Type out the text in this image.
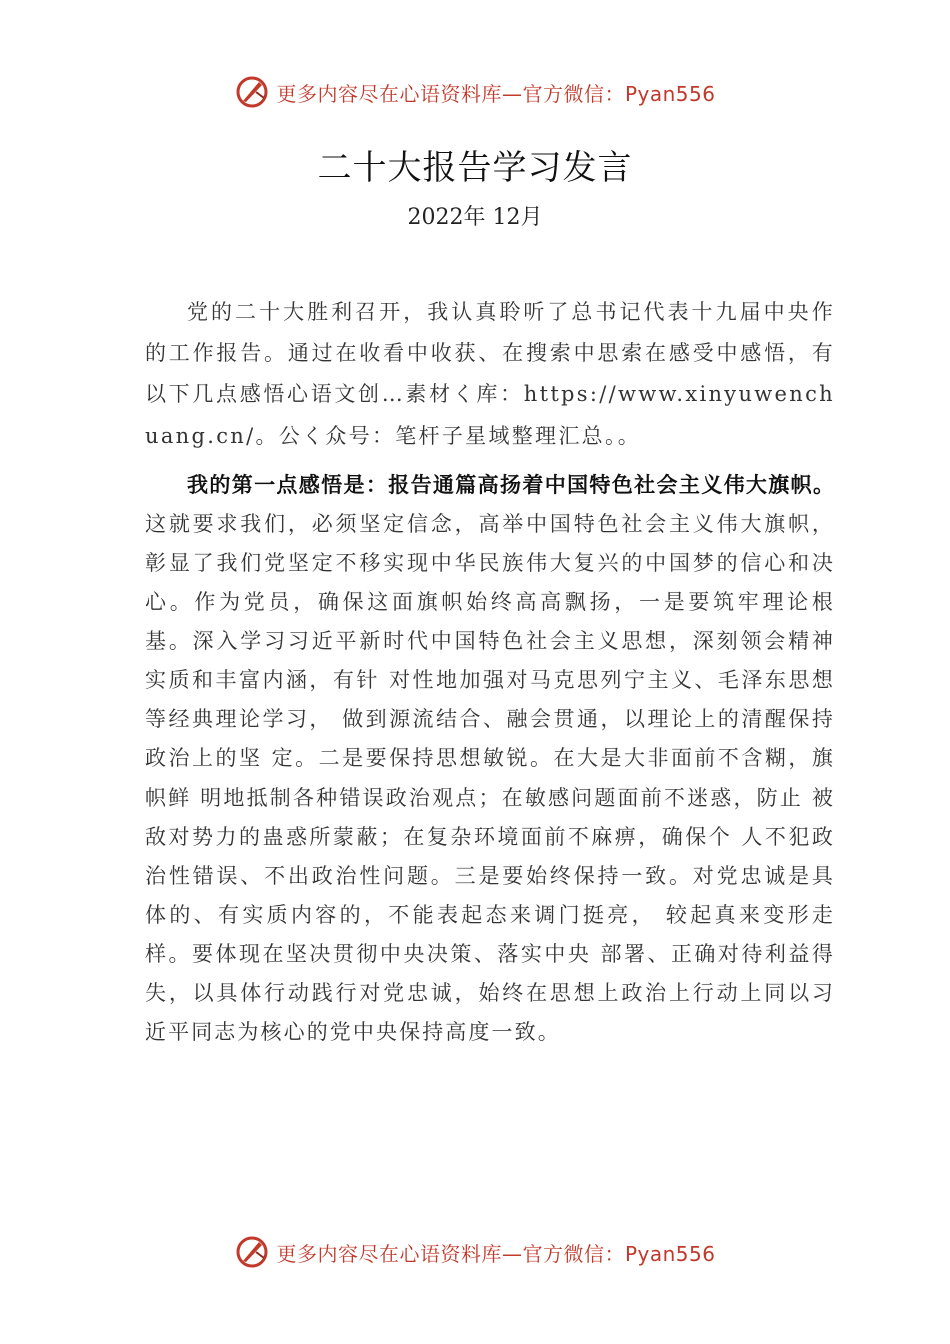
更多内容尽在心语资料库—官方微信：Pyan556
二十大报告学习发言
2022年 12月

党的二十大胜利召开，我认真聆听了总书记代表十九届中央作的工作报告。通过在收看中收获、在搜索中思索在感受中感悟，有以下几点感悟心语文创…素材く库：https://www.xinyuwenchuang.cn/。公く众号：笔杆子星域整理汇总。。

我的第一点感悟是：报告通篇高扬着中国特色社会主义伟大旗帜。这就要求我们，必须坚定信念，高举中国特色社会主义伟大旗帜，彰显了我们党坚定不移实现中华民族伟大复兴的中国梦的信心和决心。作为党员，确保这面旗帜始终高高飘扬，一是要筑牢理论根基。深入学习习近平新时代中国特色社会主义思想，深刻领会精神实质和丰富内涵，有针 对性地加强对马克思列宁主义、毛泽东思想等经典理论学习， 做到源流结合、融会贯通，以理论上的清醒保持政治上的坚 定。二是要保持思想敏锐。在大是大非面前不含糊，旗帜鲜 明地抵制各种错误政治观点；在敏感问题面前不迷惑，防止 被敌对势力的蛊惑所蒙蔽；在复杂环境面前不麻痹，确保个 人不犯政治性错误、不出政治性问题。三是要始终保持一致。对党忠诚是具体的、有实质内容的，不能表起态来调门挺亮， 较起真来变形走样。要体现在坚决贯彻中央决策、落实中央 部署、正确对待利益得失，以具体行动践行对党忠诚，始终在思想上政治上行动上同以习近平同志为核心的党中央保持高度一致。

更多内容尽在心语资料库—官方微信：Pyan556
